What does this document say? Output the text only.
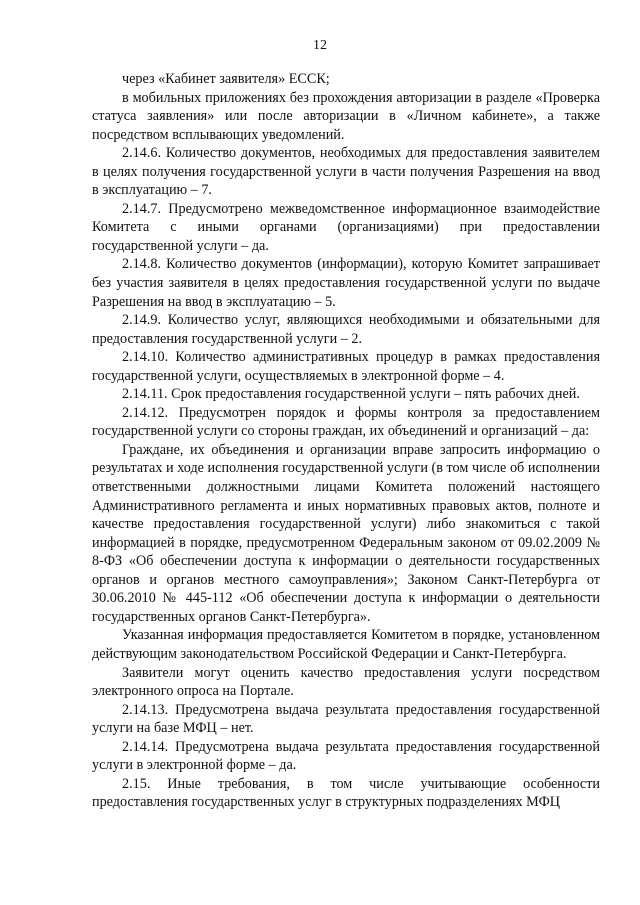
12

через «Кабинет заявителя» ЕССК;

в мобильных приложениях без прохождения авторизации в разделе «Проверка статуса заявления» или после авторизации в «Личном кабинете», а также посредством всплывающих уведомлений.

2.14.6. Количество документов, необходимых для предоставления заявителем в целях получения государственной услуги в части получения Разрешения на ввод в эксплуатацию – 7.

2.14.7. Предусмотрено межведомственное информационное взаимодействие Комитета с иными органами (организациями) при предоставлении государственной услуги – да.

2.14.8. Количество документов (информации), которую Комитет запрашивает без участия заявителя в целях предоставления государственной услуги по выдаче Разрешения на ввод в эксплуатацию – 5.

2.14.9. Количество услуг, являющихся необходимыми и обязательными для предоставления государственной услуги – 2.

2.14.10. Количество административных процедур в рамках предоставления государственной услуги, осуществляемых в электронной форме – 4.

2.14.11. Срок предоставления государственной услуги – пять рабочих дней.

2.14.12. Предусмотрен порядок и формы контроля за предоставлением государственной услуги со стороны граждан, их объединений и организаций – да:

Граждане, их объединения и организации вправе запросить информацию о результатах и ходе исполнения государственной услуги (в том числе об исполнении ответственными должностными лицами Комитета положений настоящего Административного регламента и иных нормативных правовых актов, полноте и качестве предоставления государственной услуги) либо знакомиться с такой информацией в порядке, предусмотренном Федеральным законом от 09.02.2009 № 8-ФЗ «Об обеспечении доступа к информации о деятельности государственных органов и органов местного самоуправления»; Законом Санкт-Петербурга от 30.06.2010 № 445-112 «Об обеспечении доступа к информации о деятельности государственных органов Санкт-Петербурга».

Указанная информация предоставляется Комитетом в порядке, установленном действующим законодательством Российской Федерации и Санкт-Петербурга.

Заявители могут оценить качество предоставления услуги посредством электронного опроса на Портале.

2.14.13. Предусмотрена выдача результата предоставления государственной услуги на базе МФЦ – нет.

2.14.14. Предусмотрена выдача результата предоставления государственной услуги в электронной форме – да.

2.15. Иные требования, в том числе учитывающие особенности предоставления государственных услуг в структурных подразделениях МФЦ
